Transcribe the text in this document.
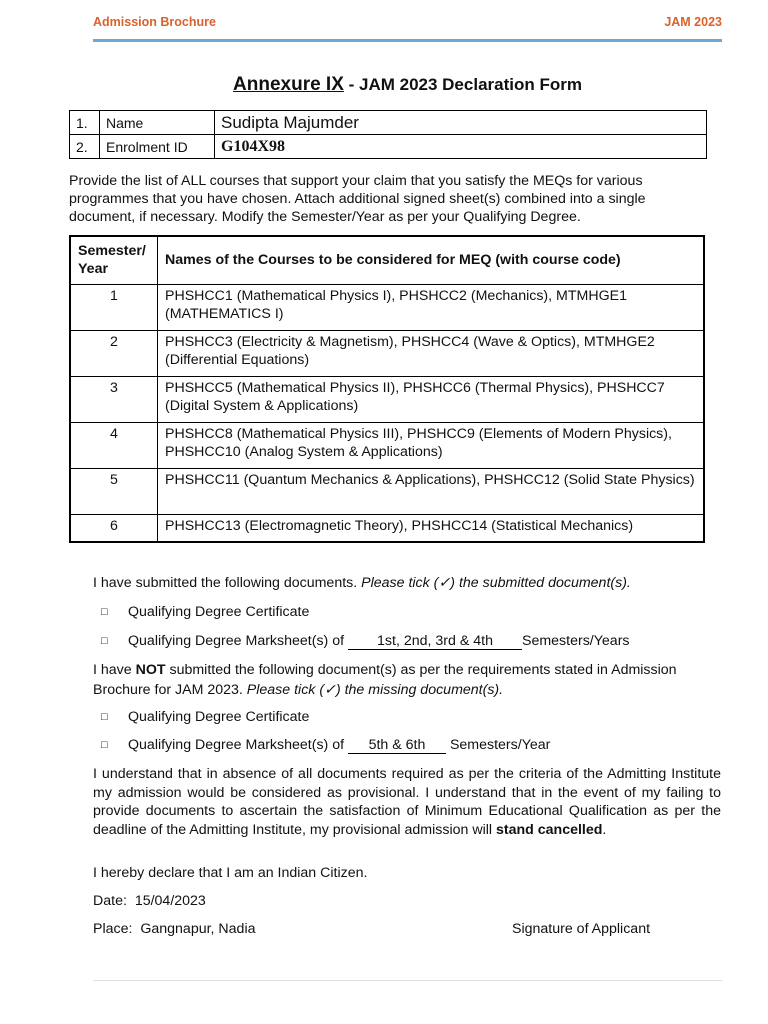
Admission Brochure	JAM 2023
Annexure IX - JAM 2023 Declaration Form
1.	Name	Sudipta Majumder
2.	Enrolment ID	G104X98
Provide the list of ALL courses that support your claim that you satisfy the MEQs for various programmes that you have chosen. Attach additional signed sheet(s) combined into a single document, if necessary. Modify the Semester/Year as per your Qualifying Degree.
Semester/ Year	Names of the Courses to be considered for MEQ (with course code)
1	PHSHCC1 (Mathematical Physics I), PHSHCC2 (Mechanics), MTMHGE1 (MATHEMATICS I)
2	PHSHCC3 (Electricity & Magnetism), PHSHCC4 (Wave & Optics), MTMHGE2 (Differential Equations)
3	PHSHCC5 (Mathematical Physics II), PHSHCC6 (Thermal Physics), PHSHCC7 (Digital System & Applications)
4	PHSHCC8 (Mathematical Physics III), PHSHCC9 (Elements of Modern Physics), PHSHCC10 (Analog System & Applications)
5	PHSHCC11 (Quantum Mechanics & Applications), PHSHCC12 (Solid State Physics)
6	PHSHCC13 (Electromagnetic Theory), PHSHCC14 (Statistical Mechanics)
I have submitted the following documents. Please tick (✓) the submitted document(s).
□ Qualifying Degree Certificate
□ Qualifying Degree Marksheet(s) of 1st, 2nd, 3rd & 4th Semesters/Years
I have NOT submitted the following document(s) as per the requirements stated in Admission
Brochure for JAM 2023. Please tick (✓) the missing document(s).
□ Qualifying Degree Certificate
□ Qualifying Degree Marksheet(s) of 5th & 6th Semesters/Year
I understand that in absence of all documents required as per the criteria of the Admitting Institute my admission would be considered as provisional. I understand that in the event of my failing to provide documents to ascertain the satisfaction of Minimum Educational Qualification as per the deadline of the Admitting Institute, my provisional admission will stand cancelled.
I hereby declare that I am an Indian Citizen.
Date: 15/04/2023
Place: Gangnapur, Nadia	Signature of Applicant
